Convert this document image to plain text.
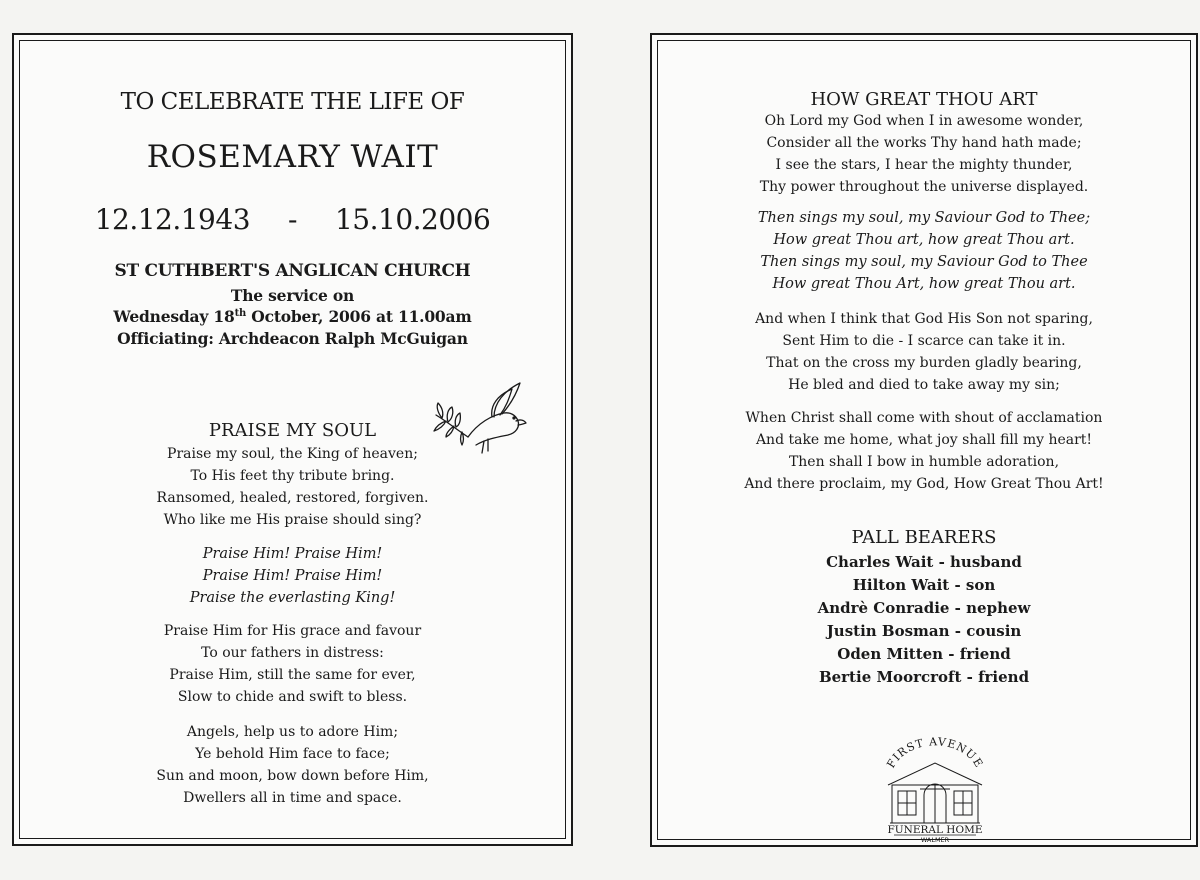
TO CELEBRATE THE LIFE OF
ROSEMARY WAIT
12.12.1943 - 15.10.2006
ST CUTHBERT'S ANGLICAN CHURCH
The service on
Wednesday 18th October, 2006 at 11.00am
Officiating: Archdeacon Ralph McGuigan
PRAISE MY SOUL
Praise my soul, the King of heaven;
To His feet thy tribute bring.
Ransomed, healed, restored, forgiven.
Who like me His praise should sing?
Praise Him! Praise Him!
Praise Him! Praise Him!
Praise the everlasting King!
Praise Him for His grace and favour
To our fathers in distress:
Praise Him, still the same for ever,
Slow to chide and swift to bless.
Angels, help us to adore Him;
Ye behold Him face to face;
Sun and moon, bow down before Him,
Dwellers all in time and space.
HOW GREAT THOU ART
Oh Lord my God when I in awesome wonder,
Consider all the works Thy hand hath made;
I see the stars, I hear the mighty thunder,
Thy power throughout the universe displayed.
Then sings my soul, my Saviour God to Thee;
How great Thou art, how great Thou art.
Then sings my soul, my Saviour God to Thee
How great Thou Art, how great Thou art.
And when I think that God His Son not sparing,
Sent Him to die - I scarce can take it in.
That on the cross my burden gladly bearing,
He bled and died to take away my sin;
When Christ shall come with shout of acclamation
And take me home, what joy shall fill my heart!
Then shall I bow in humble adoration,
And there proclaim, my God, How Great Thou Art!
PALL BEARERS
Charles Wait - husband
Hilton Wait - son
Andrè Conradie - nephew
Justin Bosman - cousin
Oden Mitten - friend
Bertie Moorcroft - friend
FIRST AVENUE
FUNERAL HOME
WALMER
